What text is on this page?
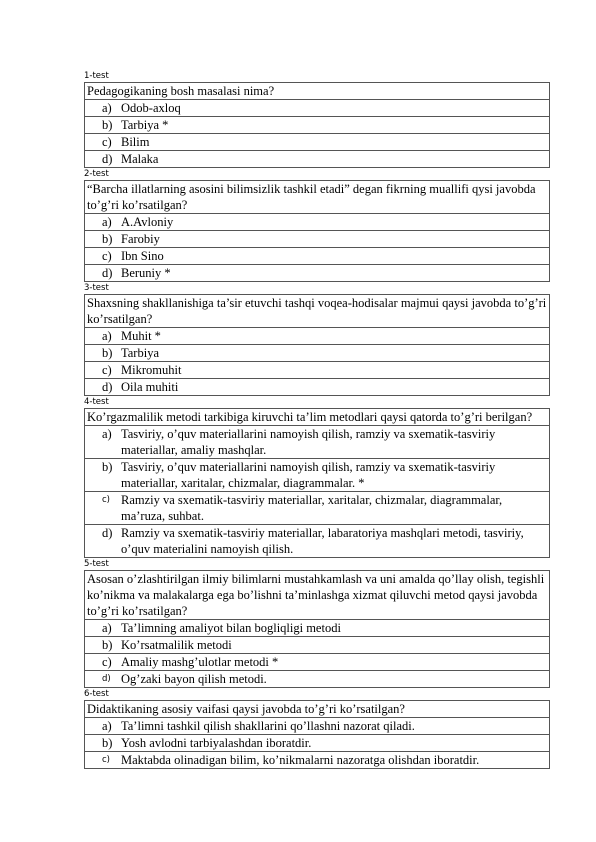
1-test
Pedagogikaning bosh masalasi nima?
a) Odob-axloq
b) Tarbiya *
c) Bilim
d) Malaka
2-test
“Barcha illatlarning asosini bilimsizlik tashkil etadi” degan fikrning muallifi qysi javobda to’g’ri ko’rsatilgan?
a) A.Avloniy
b) Farobiy
c) Ibn Sino
d) Beruniy *
3-test
Shaxsning shakllanishiga ta’sir etuvchi tashqi voqea-hodisalar majmui qaysi javobda to’g’ri ko’rsatilgan?
a) Muhit *
b) Tarbiya
c) Mikromuhit
d) Oila muhiti
4-test
Ko’rgazmalilik metodi tarkibiga kiruvchi ta’lim metodlari qaysi qatorda to’g’ri berilgan?
a) Tasviriy, o’quv materiallarini namoyish qilish, ramziy va sxematik-tasviriy materiallar, amaliy mashqlar.
b) Tasviriy, o’quv materiallarini namoyish qilish, ramziy va sxematik-tasviriy materiallar, xaritalar, chizmalar, diagrammalar. *
c) Ramziy va sxematik-tasviriy materiallar, xaritalar, chizmalar, diagrammalar, ma’ruza, suhbat.
d) Ramziy va sxematik-tasviriy materiallar, labaratoriya mashqlari metodi, tasviriy, o’quv materialini namoyish qilish.
5-test
Asosan o’zlashtirilgan ilmiy bilimlarni mustahkamlash va uni amalda qo’llay olish, tegishli ko’nikma va malakalarga ega bo’lishni ta’minlashga xizmat qiluvchi metod qaysi javobda to’g’ri ko’rsatilgan?
a) Ta’limning amaliyot bilan bogliqligi metodi
b) Ko’rsatmalilik metodi
c) Amaliy mashg’ulotlar metodi *
d) Og’zaki bayon qilish metodi.
6-test
Didaktikaning asosiy vaifasi qaysi javobda to’g’ri ko’rsatilgan?
a) Ta’limni tashkil qilish shakllarini qo’llashni nazorat qiladi.
b) Yosh avlodni tarbiyalashdan iboratdir.
c) Maktabda olinadigan bilim, ko’nikmalarni nazoratga olishdan iboratdir.
